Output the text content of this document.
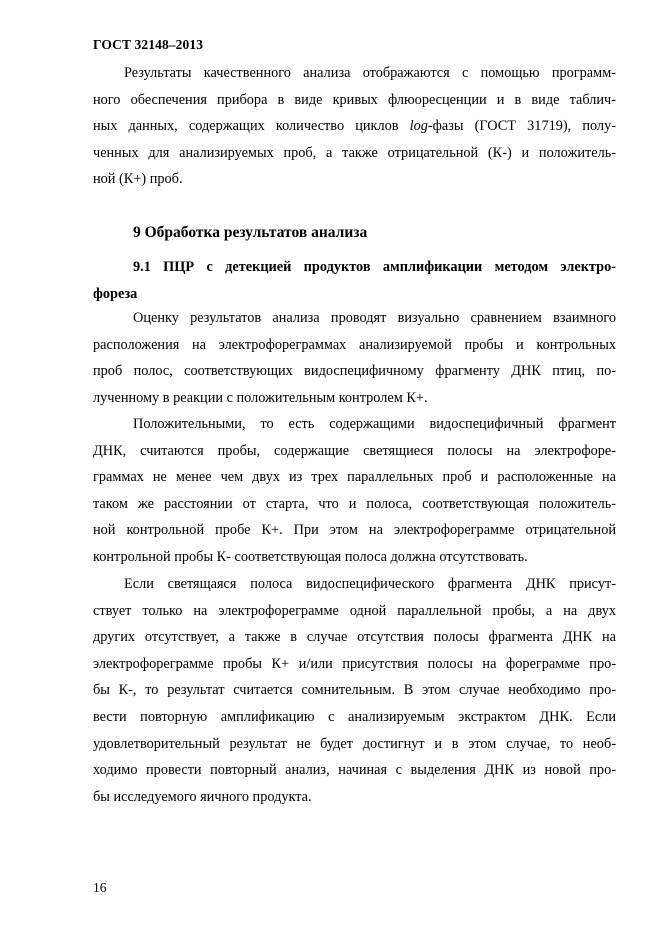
ГОСТ 32148–2013
Результаты качественного анализа отображаются с помощью программ-
ного обеспечения прибора в виде кривых флюоресценции и в виде таблич-
ных данных, содержащих количество циклов log-фазы (ГОСТ 31719), полу-
ченных для анализируемых проб, а также отрицательной (К-) и положитель-
ной (К+) проб.
9 Обработка результатов анализа
9.1 ПЦР с детекцией продуктов амплификации методом электро-
фореза
Оценку результатов анализа проводят визуально сравнением взаимного
расположения на электрофореграммах анализируемой пробы и контрольных
проб полос, соответствующих видоспецифичному фрагменту ДНК птиц, по-
лученному в реакции с положительным контролем К+.
Положительными, то есть содержащими видоспецифичный фрагмент
ДНК, считаются пробы, содержащие светящиеся полосы на электрофоре-
граммах не менее чем двух из трех параллельных проб и расположенные на
таком же расстоянии от старта, что и полоса, соответствующая положитель-
ной контрольной пробе К+. При этом на электрофореграмме отрицательной
контрольной пробы К- соответствующая полоса должна отсутствовать.
Если светящаяся полоса видоспецифического фрагмента ДНК присут-
ствует только на электрофореграмме одной параллельной пробы, а на двух
других отсутствует, а также в случае отсутствия полосы фрагмента ДНК на
электрофореграмме пробы К+ и/или присутствия полосы на фореграмме про-
бы К-, то результат считается сомнительным. В этом случае необходимо про-
вести повторную амплификацию с анализируемым экстрактом ДНК. Если
удовлетворительный результат не будет достигнут и в этом случае, то необ-
ходимо провести повторный анализ, начиная с выделения ДНК из новой про-
бы исследуемого яичного продукта.
16
